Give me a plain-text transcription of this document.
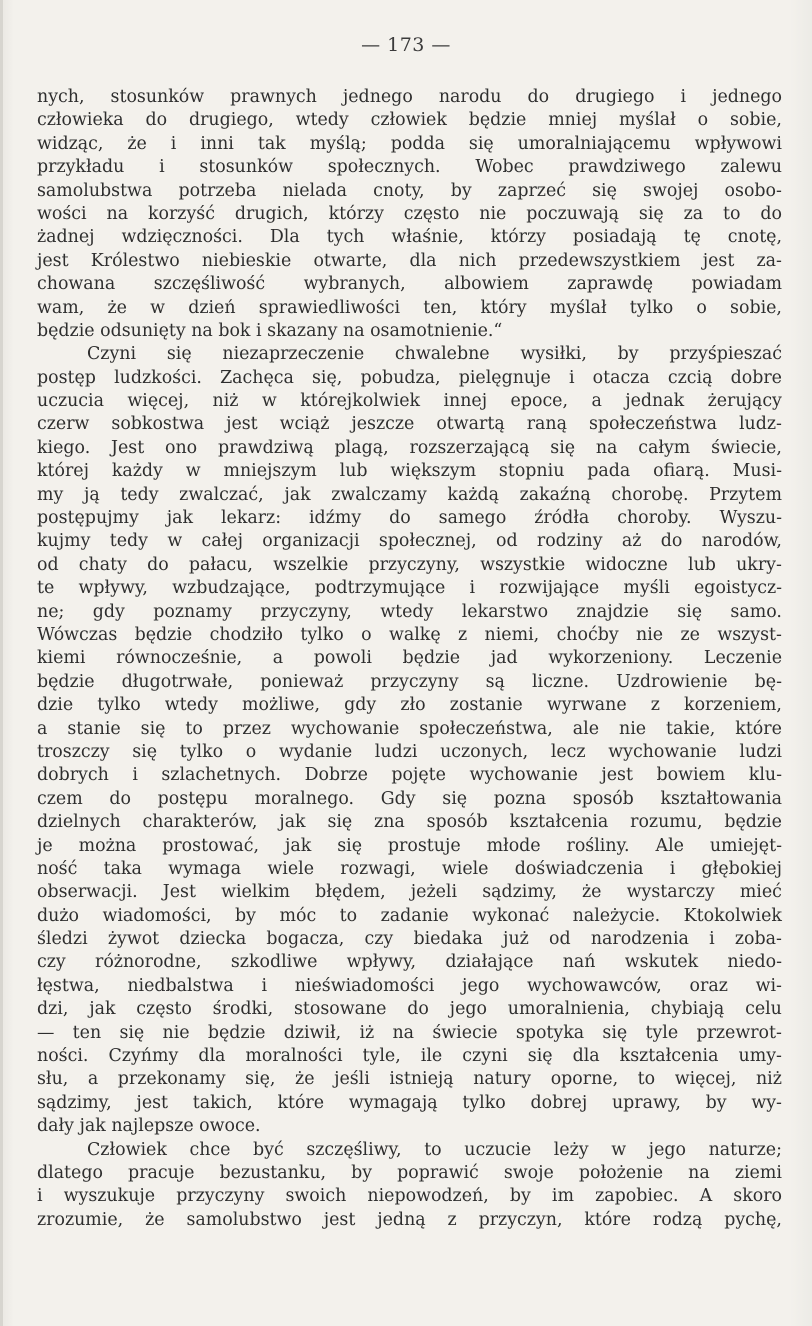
— 173 —
nych, stosunków prawnych jednego narodu do drugiego i jednego
człowieka do drugiego, wtedy człowiek będzie mniej myślał o sobie,
widząc, że i inni tak myślą; podda się umoralniającemu wpływowi
przykładu i stosunków społecznych. Wobec prawdziwego zalewu
samolubstwa potrzeba nielada cnoty, by zaprzeć się swojej osobo-
wości na korzyść drugich, którzy często nie poczuwają się za to do
żadnej wdzięczności. Dla tych właśnie, którzy posiadają tę cnotę,
jest Królestwo niebieskie otwarte, dla nich przedewszystkiem jest za-
chowana szczęśliwość wybranych, albowiem zaprawdę powiadam
wam, że w dzień sprawiedliwości ten, który myślał tylko o sobie,
będzie odsunięty na bok i skazany na osamotnienie.“
Czyni się niezaprzeczenie chwalebne wysiłki, by przyśpieszać
postęp ludzkości. Zachęca się, pobudza, pielęgnuje i otacza czcią dobre
uczucia więcej, niż w którejkolwiek innej epoce, a jednak żerujący
czerw sobkostwa jest wciąż jeszcze otwartą raną społeczeństwa ludz-
kiego. Jest ono prawdziwą plagą, rozszerzającą się na całym świecie,
której każdy w mniejszym lub większym stopniu pada ofiarą. Musi-
my ją tedy zwalczać, jak zwalczamy każdą zakaźną chorobę. Przytem
postępujmy jak lekarz: idźmy do samego źródła choroby. Wyszu-
kujmy tedy w całej organizacji społecznej, od rodziny aż do narodów,
od chaty do pałacu, wszelkie przyczyny, wszystkie widoczne lub ukry-
te wpływy, wzbudzające, podtrzymujące i rozwijające myśli egoistycz-
ne; gdy poznamy przyczyny, wtedy lekarstwo znajdzie się samo.
Wówczas będzie chodziło tylko o walkę z niemi, choćby nie ze wszyst-
kiemi równocześnie, a powoli będzie jad wykorzeniony. Leczenie
będzie długotrwałe, ponieważ przyczyny są liczne. Uzdrowienie bę-
dzie tylko wtedy możliwe, gdy zło zostanie wyrwane z korzeniem,
a stanie się to przez wychowanie społeczeństwa, ale nie takie, które
troszczy się tylko o wydanie ludzi uczonych, lecz wychowanie ludzi
dobrych i szlachetnych. Dobrze pojęte wychowanie jest bowiem klu-
czem do postępu moralnego. Gdy się pozna sposób kształtowania
dzielnych charakterów, jak się zna sposób kształcenia rozumu, będzie
je można prostować, jak się prostuje młode rośliny. Ale umiejęt-
ność taka wymaga wiele rozwagi, wiele doświadczenia i głębokiej
obserwacji. Jest wielkim błędem, jeżeli sądzimy, że wystarczy mieć
dużo wiadomości, by móc to zadanie wykonać należycie. Ktokolwiek
śledzi żywot dziecka bogacza, czy biedaka już od narodzenia i zoba-
czy różnorodne, szkodliwe wpływy, działające nań wskutek niedo-
łęstwa, niedbalstwa i nieświadomości jego wychowawców, oraz wi-
dzi, jak często środki, stosowane do jego umoralnienia, chybiają celu
— ten się nie będzie dziwił, iż na świecie spotyka się tyle przewrot-
ności. Czyńmy dla moralności tyle, ile czyni się dla kształcenia umy-
słu, a przekonamy się, że jeśli istnieją natury oporne, to więcej, niż
sądzimy, jest takich, które wymagają tylko dobrej uprawy, by wy-
dały jak najlepsze owoce.
Człowiek chce być szczęśliwy, to uczucie leży w jego naturze;
dlatego pracuje bezustanku, by poprawić swoje położenie na ziemi
i wyszukuje przyczyny swoich niepowodzeń, by im zapobiec. A skoro
zrozumie, że samolubstwo jest jedną z przyczyn, które rodzą pychę,
